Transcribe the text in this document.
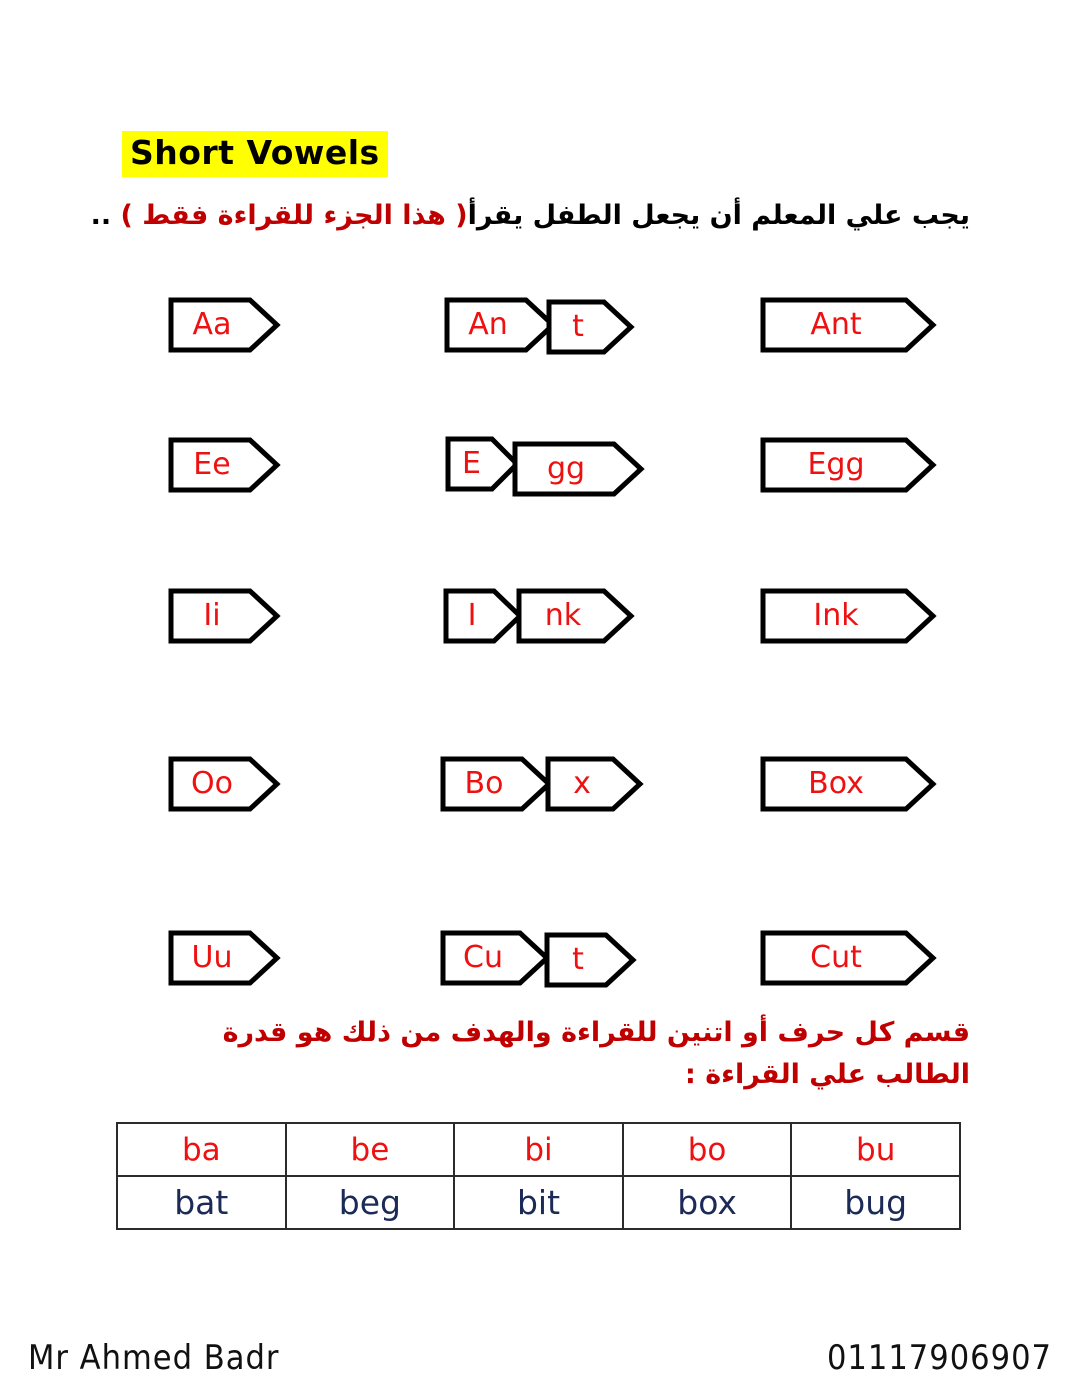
Short Vowels
يجب علي المعلم أن يجعل الطفل يقرأ( هذا الجزء للقراءة فقط ) ..
Aa	An t	Ant
Ee	E gg	Egg
Ii	I nk	Ink
Oo	Bo x	Box
Uu	Cu t	Cut
قسم كل حرف أو اتنين للقراءة والهدف من ذلك هو قدرة الطالب علي القراءة :
ba	be	bi	bo	bu
bat	beg	bit	box	bug
Mr Ahmed Badr	01117906907
